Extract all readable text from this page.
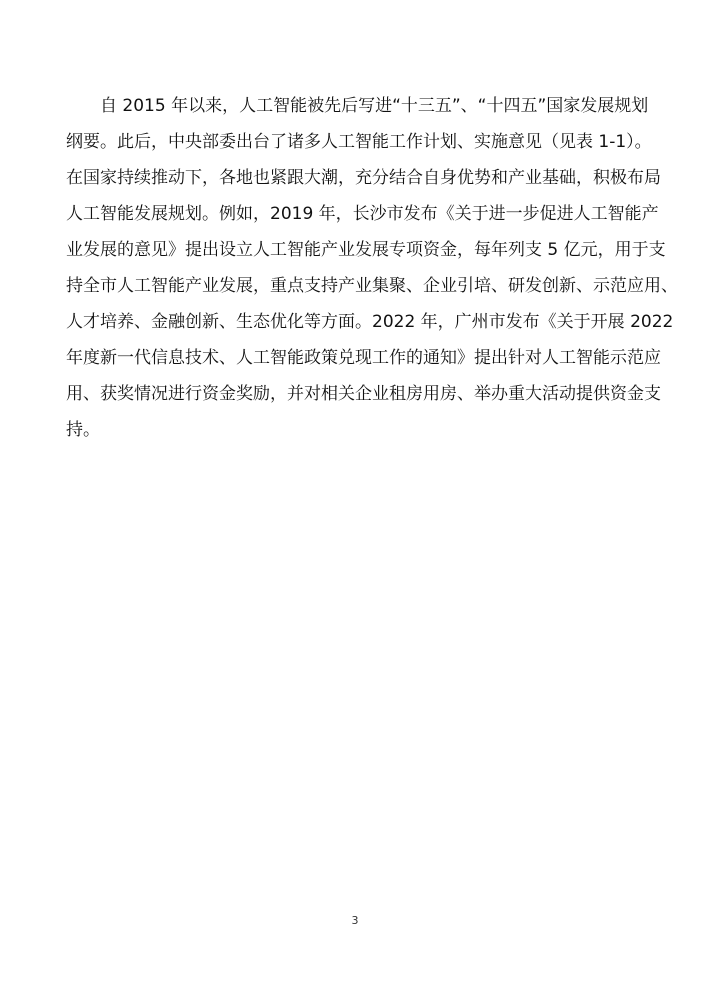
自 2015 年以来，人工智能被先后写进“十三五”、“十四五”国家发展规划
纲要。此后，中央部委出台了诸多人工智能工作计划、实施意见（见表 1-1）。
在国家持续推动下，各地也紧跟大潮，充分结合自身优势和产业基础，积极布局
人工智能发展规划。例如，2019 年，长沙市发布《关于进一步促进人工智能产
业发展的意见》提出设立人工智能产业发展专项资金，每年列支 5 亿元，用于支
持全市人工智能产业发展，重点支持产业集聚、企业引培、研发创新、示范应用、
人才培养、金融创新、生态优化等方面。2022 年，广州市发布《关于开展 2022
年度新一代信息技术、人工智能政策兑现工作的通知》提出针对人工智能示范应
用、获奖情况进行资金奖励，并对相关企业租房用房、举办重大活动提供资金支
持。
3
